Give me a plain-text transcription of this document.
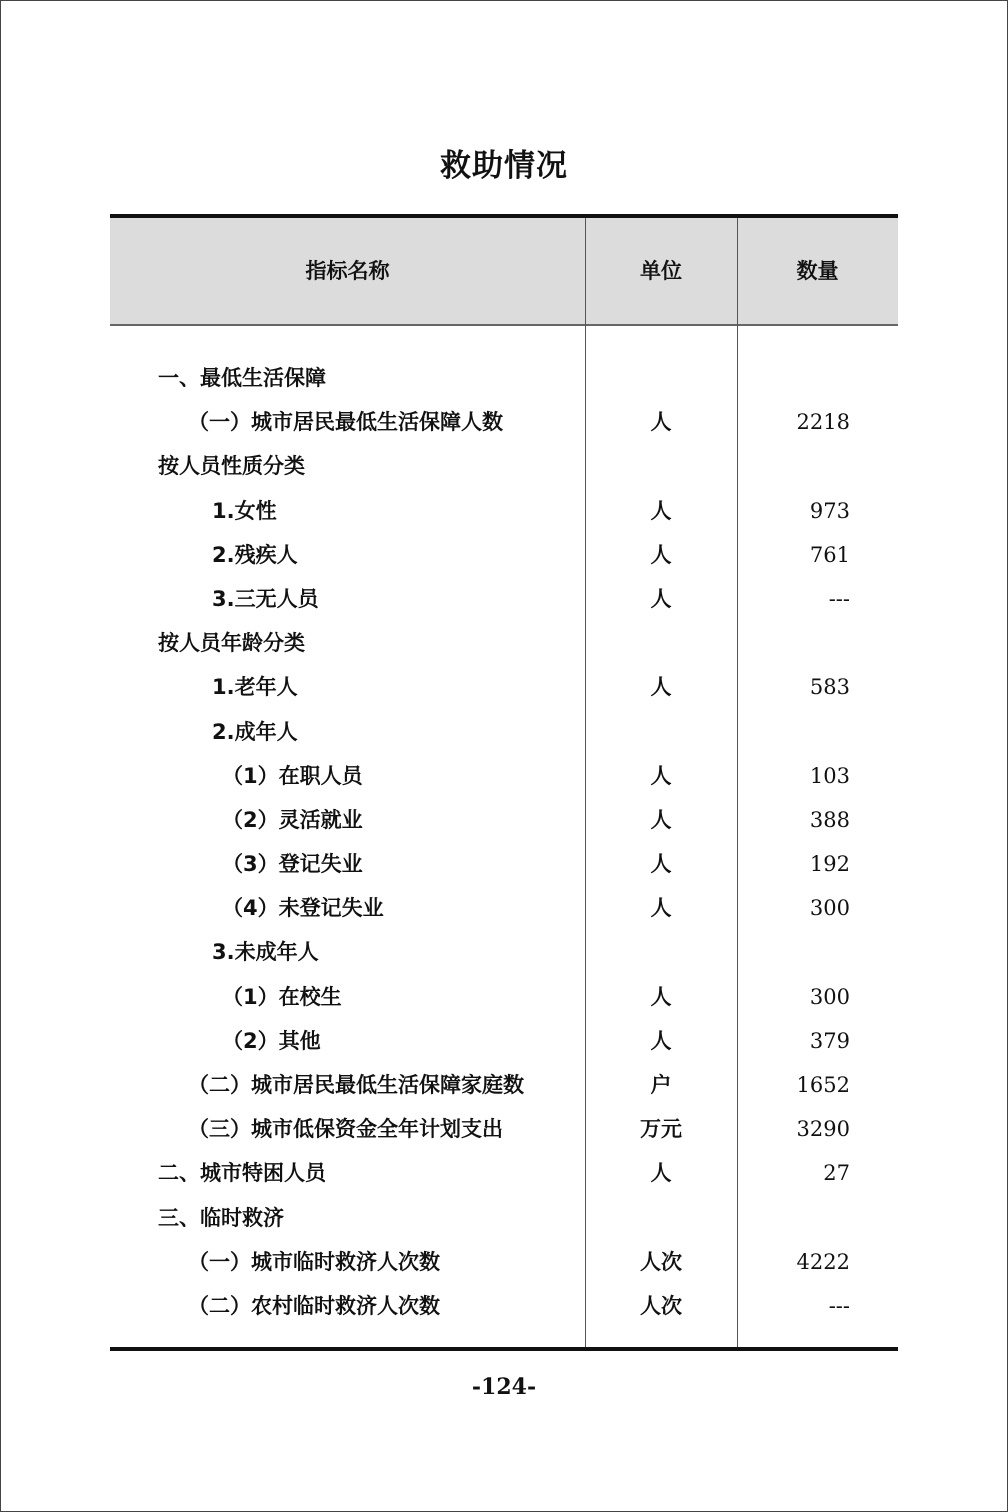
救助情况
指标名称	单位	数量
一、最低生活保障
（一）城市居民最低生活保障人数	人	2218
按人员性质分类
1.女性	人	973
2.残疾人	人	761
3.三无人员	人	---
按人员年龄分类
1.老年人	人	583
2.成年人
（1）在职人员	人	103
（2）灵活就业	人	388
（3）登记失业	人	192
（4）未登记失业	人	300
3.未成年人
（1）在校生	人	300
（2）其他	人	379
（二）城市居民最低生活保障家庭数	户	1652
（三）城市低保资金全年计划支出	万元	3290
二、城市特困人员	人	27
三、临时救济
（一）城市临时救济人次数	人次	4222
（二）农村临时救济人次数	人次	---
-124-
